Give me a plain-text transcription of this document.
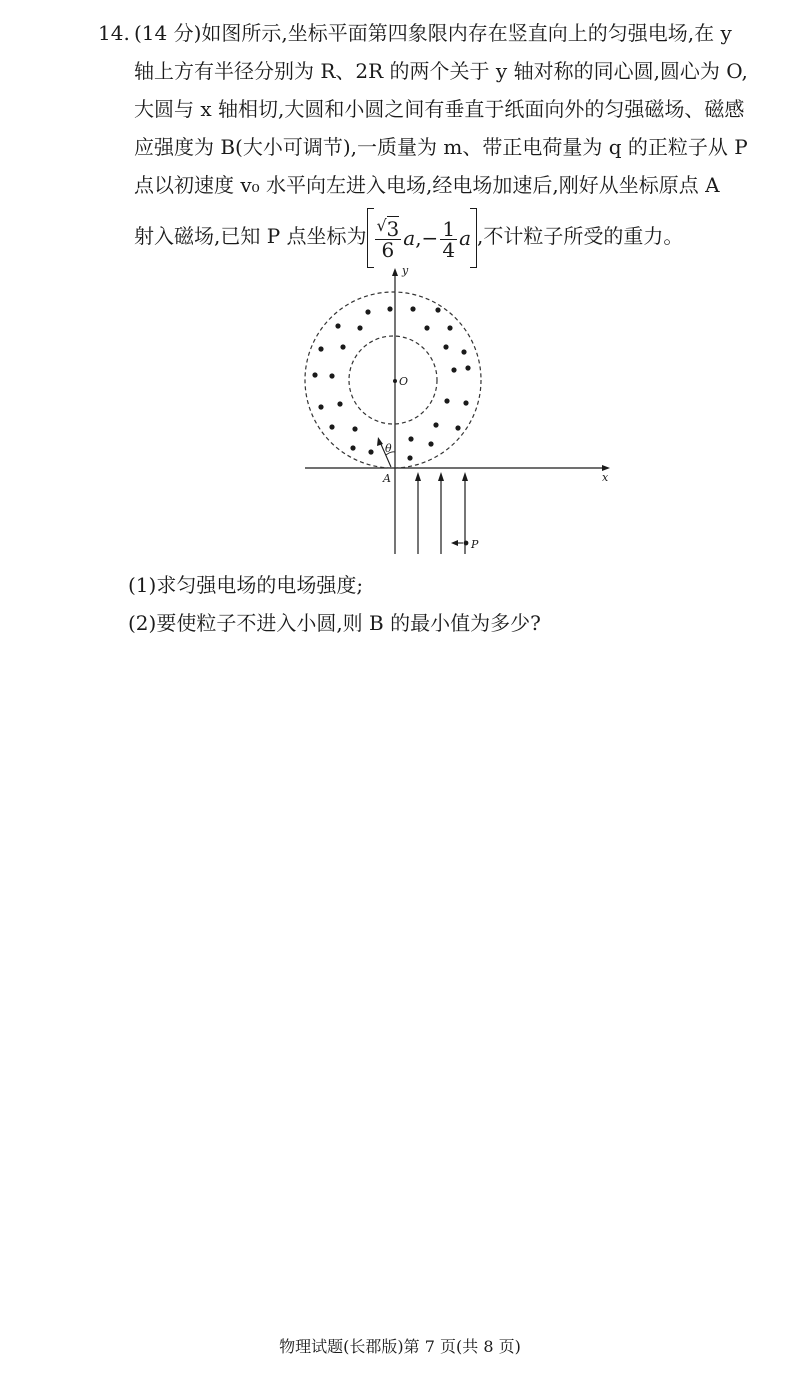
14. (14 分)如图所示,坐标平面第四象限内存在竖直向上的匀强电场,在 y
轴上方有半径分别为 R、2R 的两个关于 y 轴对称的同心圆,圆心为 O,
大圆与 x 轴相切,大圆和小圆之间有垂直于纸面向外的匀强磁场、磁感
应强度为 B(大小可调节),一质量为 m、带正电荷量为 q 的正粒子从 P
点以初速度 v₀ 水平向左进入电场,经电场加速后,刚好从坐标原点 A
射入磁场,已知 P 点坐标为 $\frac{√ 3}{6} a,- \frac{1}{4}$ a ,不计粒子所受的重力。
y
x
O
θ
A
P
(1)求匀强电场的电场强度;
(2)要使粒子不进入小圆,则 B 的最小值为多少?
物理试题(长郡版)第 7 页(共 8 页)
